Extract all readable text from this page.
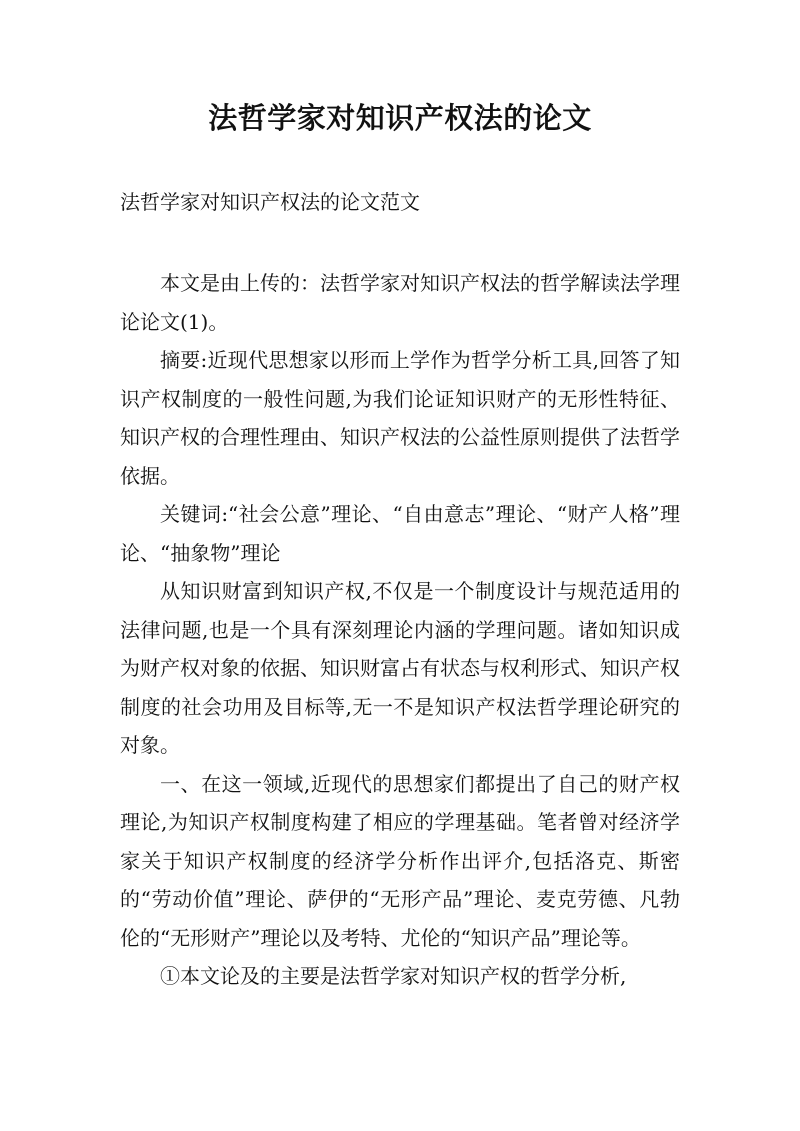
法哲学家对知识产权法的论文

法哲学家对知识产权法的论文范文

本文是由上传的：法哲学家对知识产权法的哲学解读法学理论论文(1)。

摘要:近现代思想家以形而上学作为哲学分析工具,回答了知识产权制度的一般性问题,为我们论证知识财产的无形性特征、知识产权的合理性理由、知识产权法的公益性原则提供了法哲学依据。

关键词:“社会公意”理论、“自由意志”理论、“财产人格”理论、“抽象物”理论

从知识财富到知识产权,不仅是一个制度设计与规范适用的法律问题,也是一个具有深刻理论内涵的学理问题。诸如知识成为财产权对象的依据、知识财富占有状态与权利形式、知识产权制度的社会功用及目标等,无一不是知识产权法哲学理论研究的对象。

一、在这一领域,近现代的思想家们都提出了自己的财产权理论,为知识产权制度构建了相应的学理基础。笔者曾对经济学家关于知识产权制度的经济学分析作出评介,包括洛克、斯密的“劳动价值”理论、萨伊的“无形产品”理论、麦克劳德、凡勃伦的“无形财产”理论以及考特、尤伦的“知识产品”理论等。

①本文论及的主要是法哲学家对知识产权的哲学分析,
